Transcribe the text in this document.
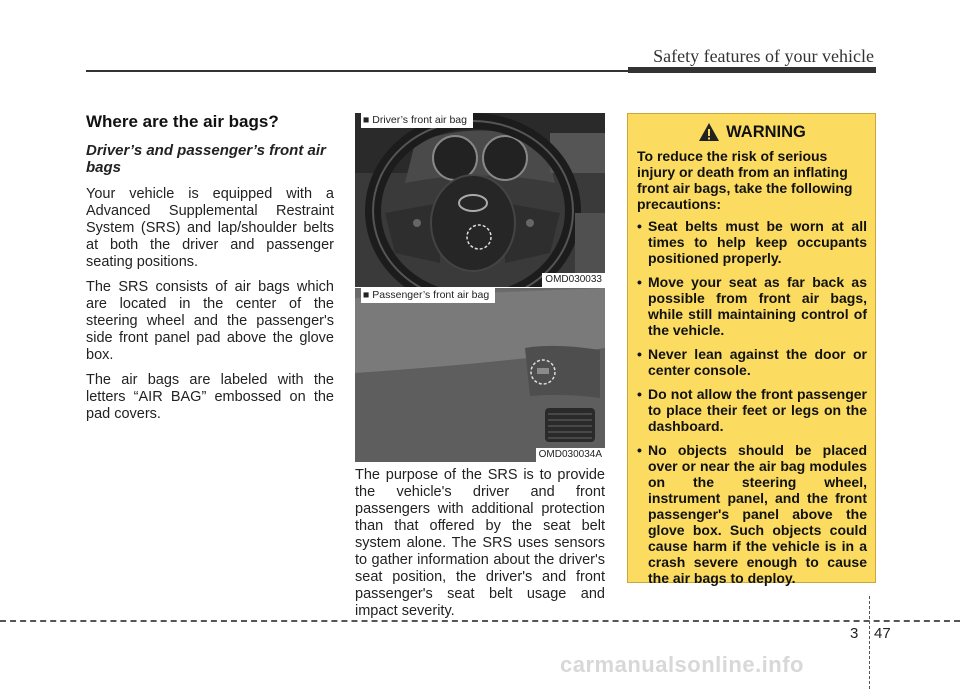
Safety features of your vehicle
Where are the air bags?
Driver’s and passenger’s front air bags

Your vehicle is equipped with a Advanced Supplemental Restraint System (SRS) and lap/shoulder belts at both the driver and passenger seating positions.

The SRS consists of air bags which are located in the center of the steering wheel and the passenger's side front panel pad above the glove box.

The air bags are labeled with the letters “AIR BAG” embossed on the pad covers.

■ Driver’s front air bag
OMD030033
■ Passenger’s front air bag
OMD030034A

The purpose of the SRS is to provide the vehicle's driver and front passengers with additional protection than that offered by the seat belt system alone. The SRS uses sensors to gather information about the driver's seat position, the driver's and front passenger's seat belt usage and impact severity.

WARNING

To reduce the risk of serious injury or death from an inflating front air bags, take the following precautions:

• Seat belts must be worn at all times to help keep occupants positioned properly.
• Move your seat as far back as possible from front air bags, while still maintaining control of the vehicle.
• Never lean against the door or center console.
• Do not allow the front passenger to place their feet or legs on the dashboard.
• No objects should be placed over or near the air bag modules on the steering wheel, instrument panel, and the front passenger's panel above the glove box. Such objects could cause harm if the vehicle is in a crash severe enough to cause the air bags to deploy.
3 47
carmanualsonline.info
